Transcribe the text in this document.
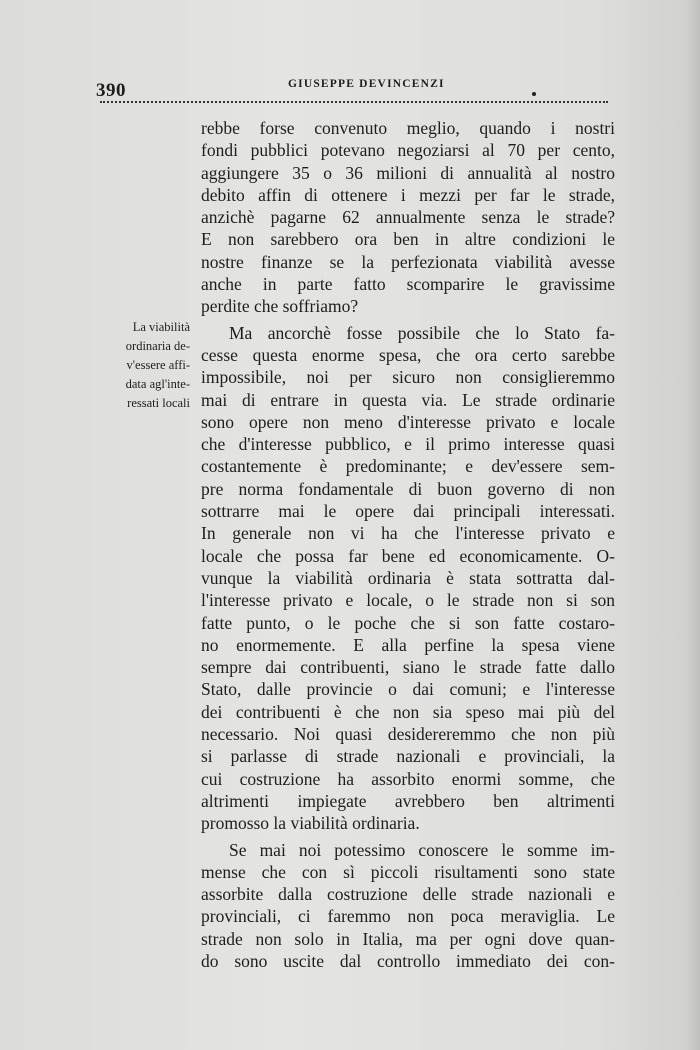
390	GIUSEPPE DEVINCENZI
La viabilità
ordinaria de-
v'essere affi-
data agl'inte-
ressati locali

rebbe forse convenuto meglio, quando i nostri
fondi pubblici potevano negoziarsi al 70 per cento,
aggiungere 35 o 36 milioni di annualità al nostro
debito affin di ottenere i mezzi per far le strade,
anzichè pagarne 62 annualmente senza le strade?
E non sarebbero ora ben in altre condizioni le
nostre finanze se la perfezionata viabilità avesse
anche in parte fatto scomparire le gravissime
perdite che soffriamo?

Ma ancorchè fosse possibile che lo Stato fa-
cesse questa enorme spesa, che ora certo sarebbe
impossibile, noi per sicuro non consiglieremmo
mai di entrare in questa via. Le strade ordinarie
sono opere non meno d'interesse privato e locale
che d'interesse pubblico, e il primo interesse quasi
costantemente è predominante; e dev'essere sem-
pre norma fondamentale di buon governo di non
sottrarre mai le opere dai principali interessati.
In generale non vi ha che l'interesse privato e
locale che possa far bene ed economicamente. O-
vunque la viabilità ordinaria è stata sottratta dal-
l'interesse privato e locale, o le strade non si son
fatte punto, o le poche che si son fatte costaro-
no enormemente. E alla perfine la spesa viene
sempre dai contribuenti, siano le strade fatte dallo
Stato, dalle provincie o dai comuni; e l'interesse
dei contribuenti è che non sia speso mai più del
necessario. Noi quasi desidereremmo che non più
si parlasse di strade nazionali e provinciali, la
cui costruzione ha assorbito enormi somme, che
altrimenti impiegate avrebbero ben altrimenti
promosso la viabilità ordinaria.

Se mai noi potessimo conoscere le somme im-
mense che con sì piccoli risultamenti sono state
assorbite dalla costruzione delle strade nazionali e
provinciali, ci faremmo non poca meraviglia. Le
strade non solo in Italia, ma per ogni dove quan-
do sono uscite dal controllo immediato dei con-
